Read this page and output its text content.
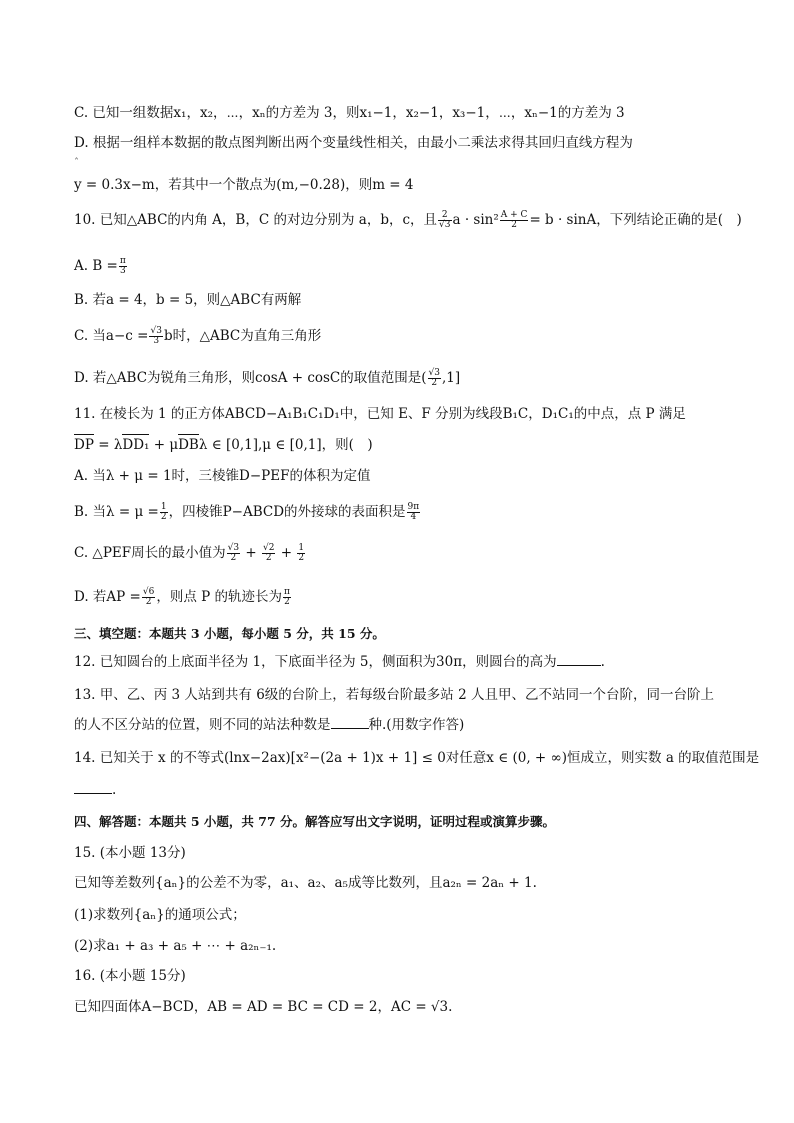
C. 已知一组数据x₁，x₂，⋯，xₙ的方差为 3，则x₁−1，x₂−1，x₃−1，⋯，xₙ−1的方差为 3
D. 根据一组样本数据的散点图判断出两个变量线性相关，由最小二乘法求得其回归直线方程为
ˆ
y = 0.3x−m，若其中一个散点为(m,−0.28)，则m = 4
10. 已知△ABC的内角 A，B，C 的对边分别为 a，b，c，且 $\frac{2}{√3}$ $a \cdot \sin^2 \frac{A + C}{2} = b \cdot \sin A$，下列结论正确的是(　)
A. $B = \frac{\pi}{3}$
B. 若a = 4，b = 5，则△ABC有两解
C. 当$a-c = \frac{√3}{3}$ b时，△ABC为直角三角形
D. 若△ABC为锐角三角形，则cosA + cosC的取值范围是( $\frac{√3}{2} ,1$]
11. 在棱长为 1 的正方体ABCD−A₁B₁C₁D₁中，已知 E、F 分别为线段B₁C，D₁C₁的中点，点 P 满足
DP = λDD₁ + μDBλ ∈ [0,1],μ ∈ [0,1]，则(　)
A. 当λ + μ = 1时，三棱锥D−PEF的体积为定值
B. 当$\lambda = \mu = \frac{1}{2}$ ，四棱锥P−ABCD的外接球的表面积是 $\frac{9\pi}{4}$
C. △PEF周长的最小值为 $\frac{√3}{2} + \frac{√2}{2} + \frac{1}{2}$
D. 若AP = $\frac{√6}{2}$ ，则点 P 的轨迹长为 $\frac{\pi}{2}$
三、填空题：本题共 3 小题，每小题 5 分，共 15 分。
12. 已知圆台的上底面半径为 1，下底面半径为 5，侧面积为30π，则圆台的高为	.
13. 甲、乙、丙 3 人站到共有 6级的台阶上，若每级台阶最多站 2 人且甲、乙不站同一个台阶，同一台阶上
的人不区分站的位置，则不同的站法种数是	种.(用数字作答)
14. 已知关于 x 的不等式(lnx−2ax)[x²−(2a + 1)x + 1] ≤ 0对任意x ∈ (0, + ∞)恒成立，则实数 a 的取值范围是
.
四、解答题：本题共 5 小题，共 77 分。解答应写出文字说明，证明过程或演算步骤。
15. (本小题 13分)
已知等差数列{aₙ}的公差不为零，a₁、a₂、a₅成等比数列，且a₂ₙ = 2aₙ + 1.
(1)求数列{aₙ}的通项公式；
(2)求a₁ + a₃ + a₅ + ⋯ + a₂ₙ₋₁.
16. (本小题 15分)
已知四面体A−BCD，AB = AD = BC = CD = 2，AC = √3.
